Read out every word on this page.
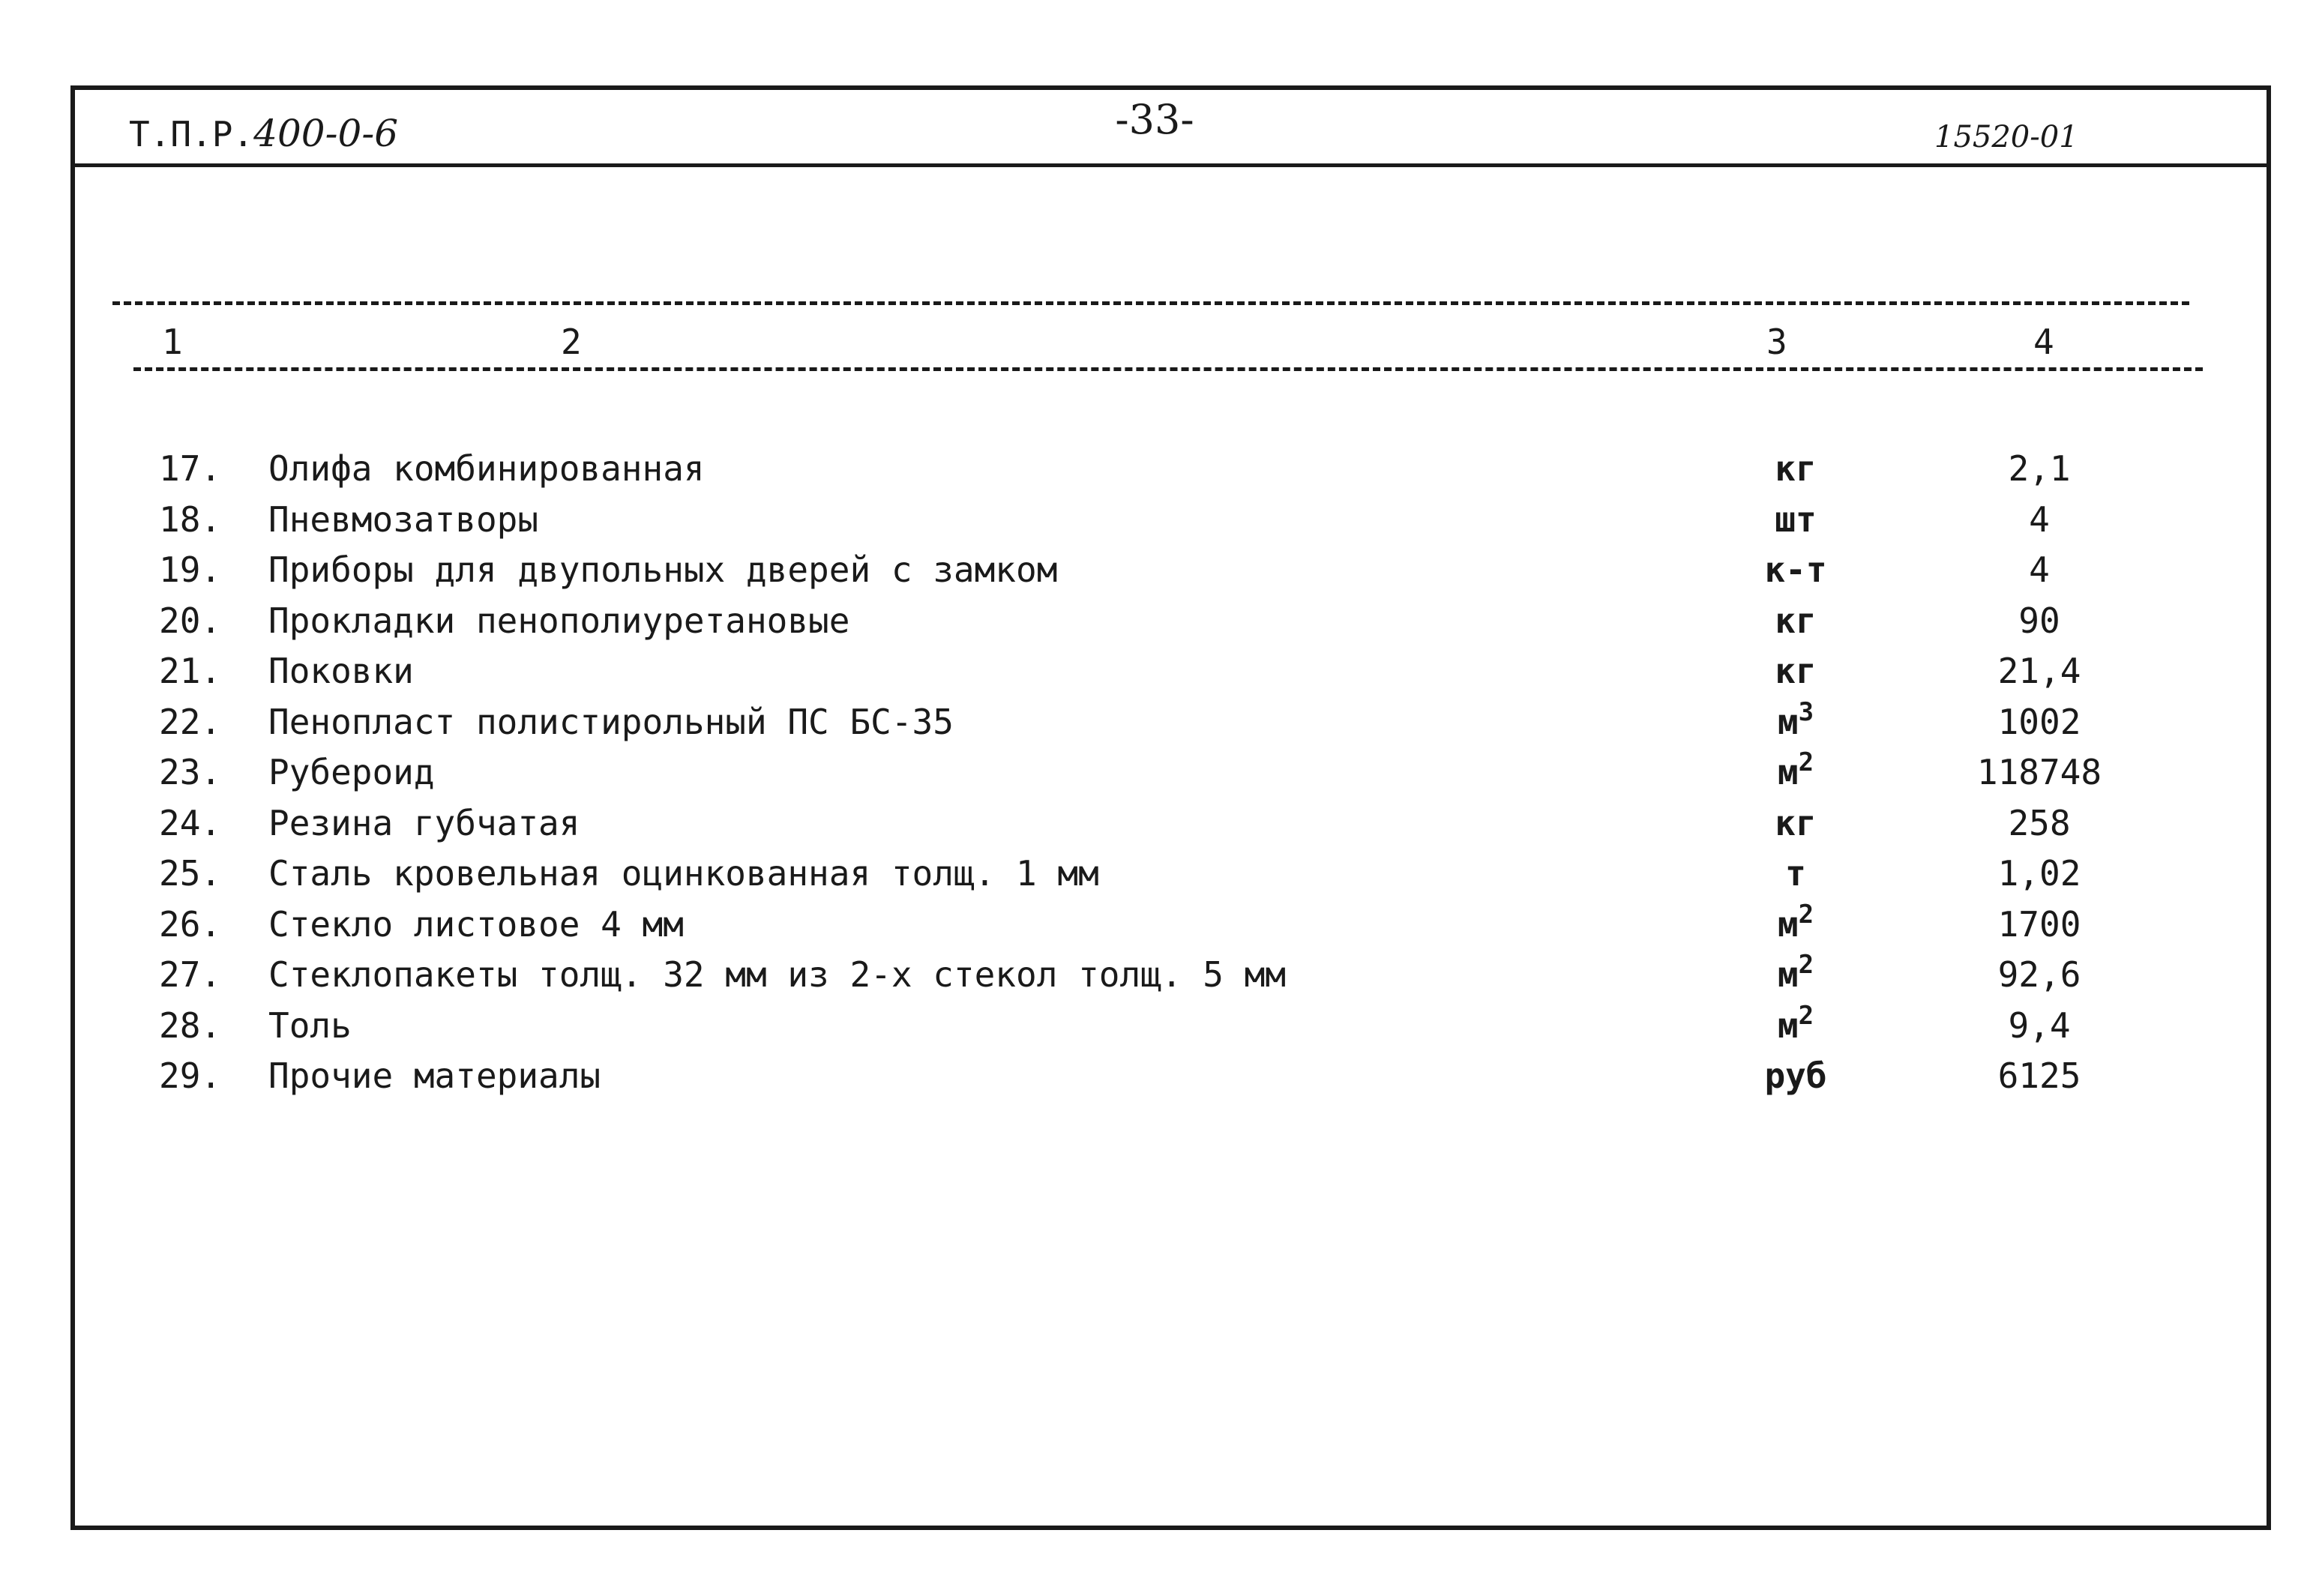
Т.П.Р.400-0-6	-33-	15520-01
1	2	3	4
17.	Олифа комбинированная	кг	2,1
18.	Пневмозатворы	шт	4
19.	Приборы для двупольных дверей с замком	к-т	4
20.	Прокладки пенополиуретановые	кг	90
21.	Поковки	кг	21,4
22.	Пенопласт полистирольный ПС БС-35	$м^3$	1002
23.	Рубероид	$м^2$	118748
24.	Резина губчатая	кг	258
25.	Сталь кровельная оцинкованная толщ. 1 мм	т	1,02
26.	Стекло листовое 4 мм	$м^2$	1700
27.	Стеклопакеты толщ. 32 мм из 2-х стекол толщ. 5 мм	$м^2$	92,6
28.	Толь	$м^2$	9,4
29.	Прочие материалы	руб	6125
